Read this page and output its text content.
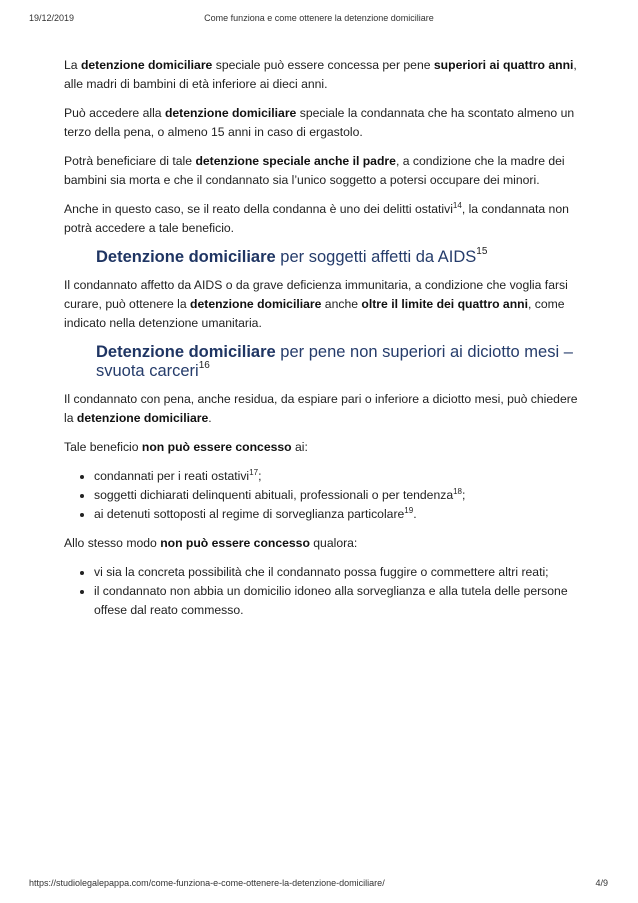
19/12/2019	Come funziona e come ottenere la detenzione domiciliare

La detenzione domiciliare speciale può essere concessa per pene superiori ai quattro anni, alle madri di bambini di età inferiore ai dieci anni.

Può accedere alla detenzione domiciliare speciale la condannata che ha scontato almeno un terzo della pena, o almeno 15 anni in caso di ergastolo.

Potrà beneficiare di tale detenzione speciale anche il padre, a condizione che la madre dei bambini sia morta e che il condannato sia l’unico soggetto a potersi occupare dei minori.

Anche in questo caso, se il reato della condanna è uno dei delitti ostativi$^{14}$, la condannata non potrà accedere a tale beneficio.

Detenzione domiciliare per soggetti affetti da AIDS$^{15}$

Il condannato affetto da AIDS o da grave deficienza immunitaria, a condizione che voglia farsi curare, può ottenere la detenzione domiciliare anche oltre il limite dei quattro anni, come indicato nella detenzione umanitaria.

Detenzione domiciliare per pene non superiori ai diciotto mesi – svuota carceri$^{16}$

Il condannato con pena, anche residua, da espiare pari o inferiore a diciotto mesi, può chiedere la detenzione domiciliare.

Tale beneficio non può essere concesso ai:

• condannati per i reati ostativi$^{17}$;
• soggetti dichiarati delinquenti abituali, professionali o per tendenza$^{18}$;
• ai detenuti sottoposti al regime di sorveglianza particolare$^{19}$.

Allo stesso modo non può essere concesso qualora:

• vi sia la concreta possibilità che il condannato possa fuggire o commettere altri reati;
• il condannato non abbia un domicilio idoneo alla sorveglianza e alla tutela delle persone offese dal reato commesso.
https://studiolegalepappa.com/come-funziona-e-come-ottenere-la-detenzione-domiciliare/	4/9
